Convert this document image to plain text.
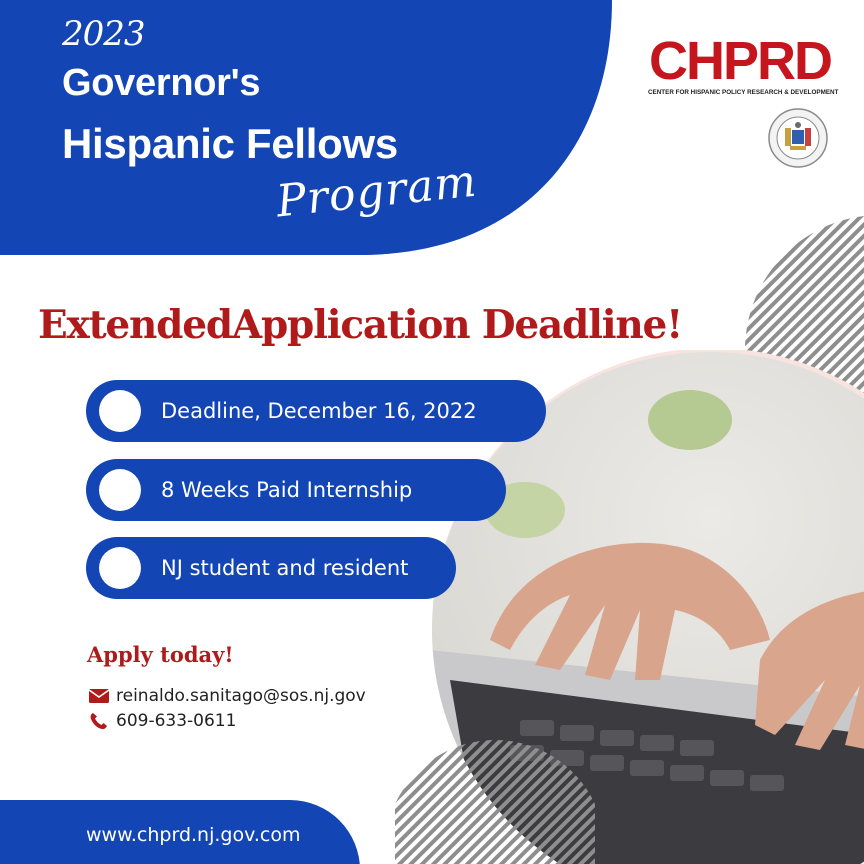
2023
Governor's
Hispanic Fellows
Program
CHPRD
CENTER FOR HISPANIC POLICY RESEARCH & DEVELOPMENT
ExtendedApplication Deadline!
Deadline, December 16, 2022
8 Weeks Paid Internship
NJ student and resident
Apply today!
reinaldo.sanitago@sos.nj.gov
609-633-0611
www.chprd.nj.gov.com
